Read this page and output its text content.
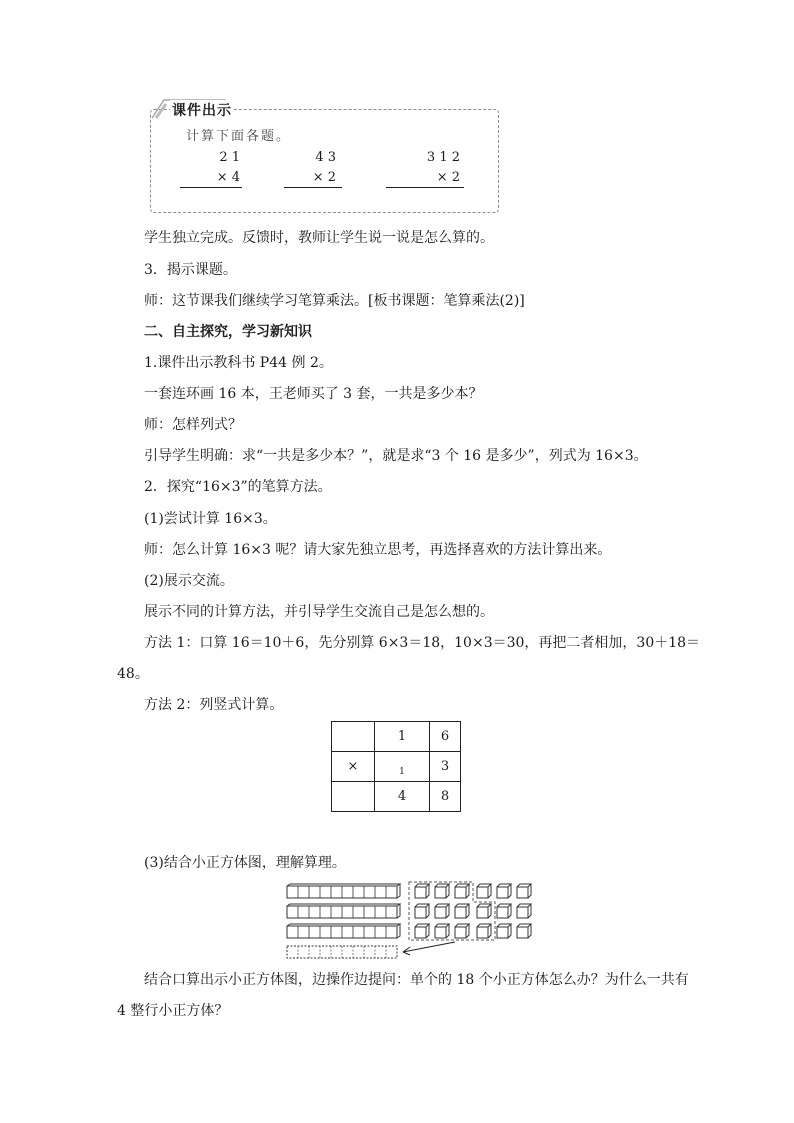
课件出示
计算下面各题。
2 1
× 4
4 3
× 2
3 1 2
× 2
学生独立完成。反馈时，教师让学生说一说是怎么算的。
3．揭示课题。
师：这节课我们继续学习笔算乘法。[板书课题：笔算乘法(2)]
二、自主探究，学习新知识
1.课件出示教科书 P44 例 2。
一套连环画 16 本，王老师买了 3 套，一共是多少本？
师：怎样列式？
引导学生明确：求“一共是多少本？”，就是求“3 个 16 是多少”，列式为 16×3。
2．探究“16×3”的笔算方法。
(1)尝试计算 16×3。
师：怎么计算 16×3 呢？请大家先独立思考，再选择喜欢的方法计算出来。
(2)展示交流。
展示不同的计算方法，并引导学生交流自己是怎么想的。
方法 1：口算 16＝10＋6，先分别算 6×3＝18，10×3＝30，再把二者相加，30＋18＝
48。
方法 2：列竖式计算。
	1	6
×	$_1$	3
	4	8
(3)结合小正方体图，理解算理。
结合口算出示小正方体图，边操作边提问：单个的 18 个小正方体怎么办？为什么一共有
4 整行小正方体？
